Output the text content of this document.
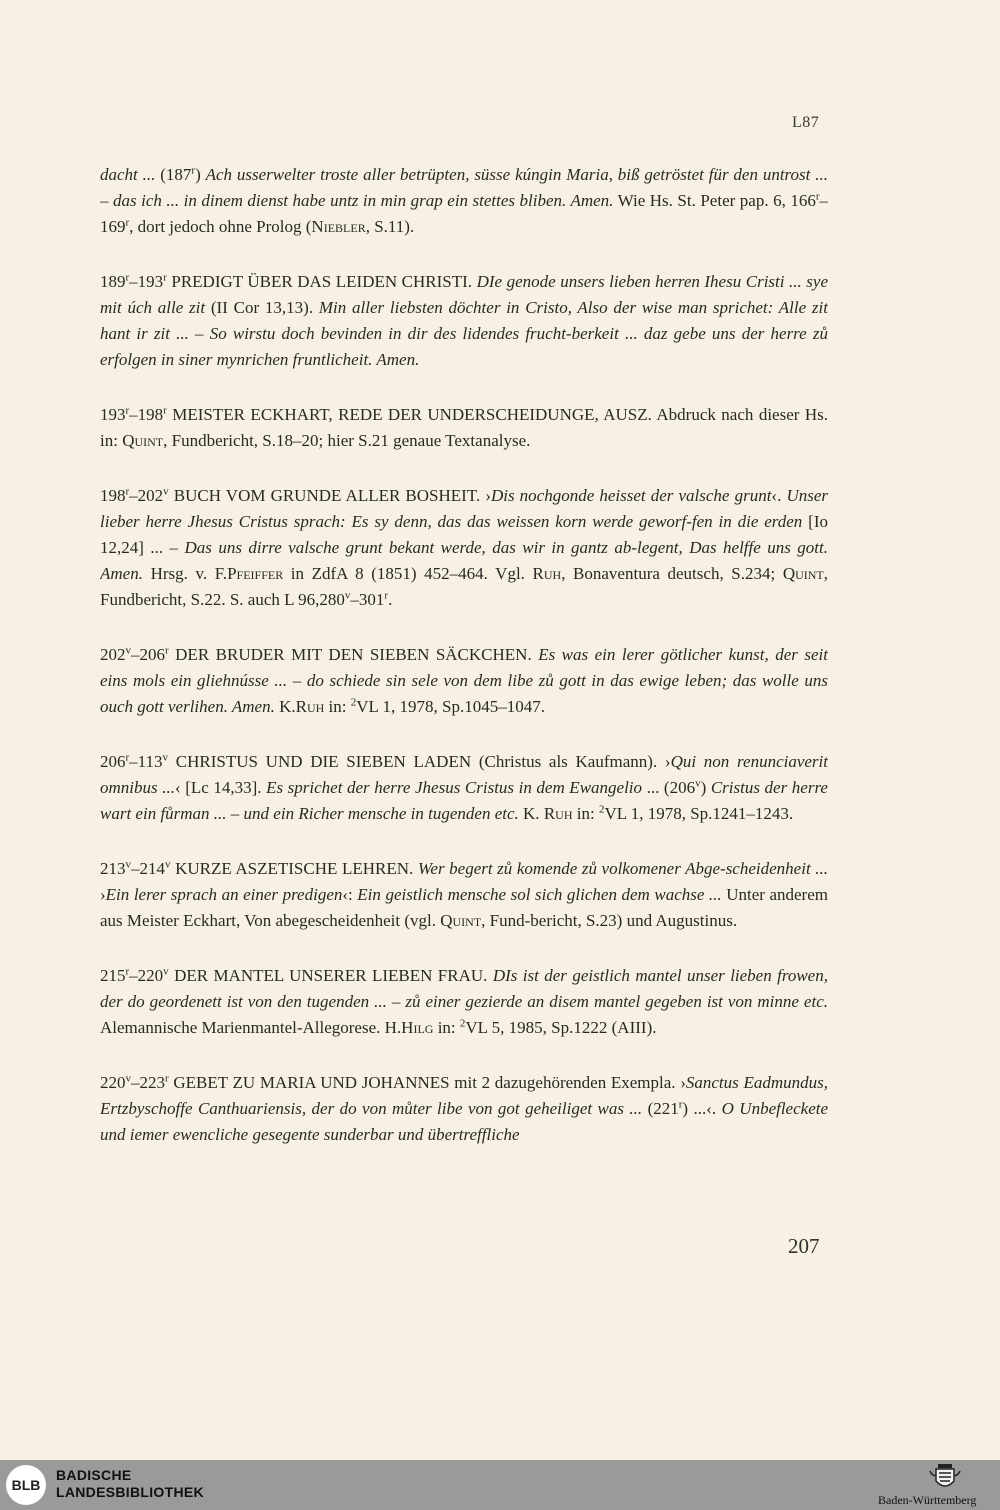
L87

dacht ... (187$^r$) Ach usserwelter troste aller betrüpten, süsse kúngin Maria, biß getröstet für den untrost ... – das ich ... in dinem dienst habe untz in min grap ein stettes bliben. Amen. Wie Hs. St. Peter pap. 6, 166$^r$–169$^r$, dort jedoch ohne Prolog (Niebler, S.11).

189$^r$–193$^r$ PREDIGT ÜBER DAS LEIDEN CHRISTI. DIe genode unsers lieben herren Ihesu Cristi ... sye mit úch alle zit (II Cor 13,13). Min aller liebsten döchter in Cristo, Also der wise man sprichet: Alle zit hant ir zit ... – So wirstu doch bevinden in dir des lidendes frucht-berkeit ... daz gebe uns der herre zů erfolgen in siner mynrichen fruntlicheit. Amen.

193$^r$–198$^r$ MEISTER ECKHART, REDE DER UNDERSCHEIDUNGE, AUSZ. Abdruck nach dieser Hs. in: Quint, Fundbericht, S.18–20; hier S.21 genaue Textanalyse.

198$^r$–202$^v$ BUCH VOM GRUNDE ALLER BOSHEIT. ›Dis nochgonde heisset der valsche grunt‹. Unser lieber herre Jhesus Cristus sprach: Es sy denn, das das weissen korn werde geworf-fen in die erden [Io 12,24] ... – Das uns dirre valsche grunt bekant werde, das wir in gantz ab-legent, Das helffe uns gott. Amen. Hrsg. v. F.Pfeiffer in ZdfA 8 (1851) 452–464. Vgl. Ruh, Bonaventura deutsch, S.234; Quint, Fundbericht, S.22. S. auch L 96,280$^v$–301$^r$.

202$^v$–206$^r$ DER BRUDER MIT DEN SIEBEN SÄCKCHEN. Es was ein lerer götlicher kunst, der seit eins mols ein gliehnússe ... – do schiede sin sele von dem libe zů gott in das ewige leben; das wolle uns ouch gott verlihen. Amen. K.Ruh in: $^2$VL 1, 1978, Sp.1045–1047.

206$^r$–113$^v$ CHRISTUS UND DIE SIEBEN LADEN (Christus als Kaufmann). ›Qui non renunciaverit omnibus ...‹ [Lc 14,33]. Es sprichet der herre Jhesus Cristus in dem Ewangelio ... (206$^v$) Cristus der herre wart ein fůrman ... – und ein Richer mensche in tugenden etc. K. Ruh in: $^2$VL 1, 1978, Sp.1241–1243.

213$^v$–214$^v$ KURZE ASZETISCHE LEHREN. Wer begert zů komende zů volkomener Abge-scheidenheit ... ›Ein lerer sprach an einer predigen‹: Ein geistlich mensche sol sich glichen dem wachse ... Unter anderem aus Meister Eckhart, Von abegescheidenheit (vgl. Quint, Fund-bericht, S.23) und Augustinus.

215$^r$–220$^v$ DER MANTEL UNSERER LIEBEN FRAU. DIs ist der geistlich mantel unser lieben frowen, der do geordenett ist von den tugenden ... – zů einer gezierde an disem mantel gegeben ist von minne etc. Alemannische Marienmantel-Allegorese. H.Hilg in: $^2$VL 5, 1985, Sp.1222 (AIII).

220$^v$–223$^r$ GEBET ZU MARIA UND JOHANNES mit 2 dazugehörenden Exempla. ›Sanctus Eadmundus, Ertzbyschoffe Canthuariensis, der do von můter libe von got geheiliget was ... (221$^r$) ...‹. O Unbefleckete und iemer ewencliche gesegente sunderbar und übertreffliche

207
BLB
BADISCHE
LANDESBIBLIOTHEK	Baden-Württemberg
